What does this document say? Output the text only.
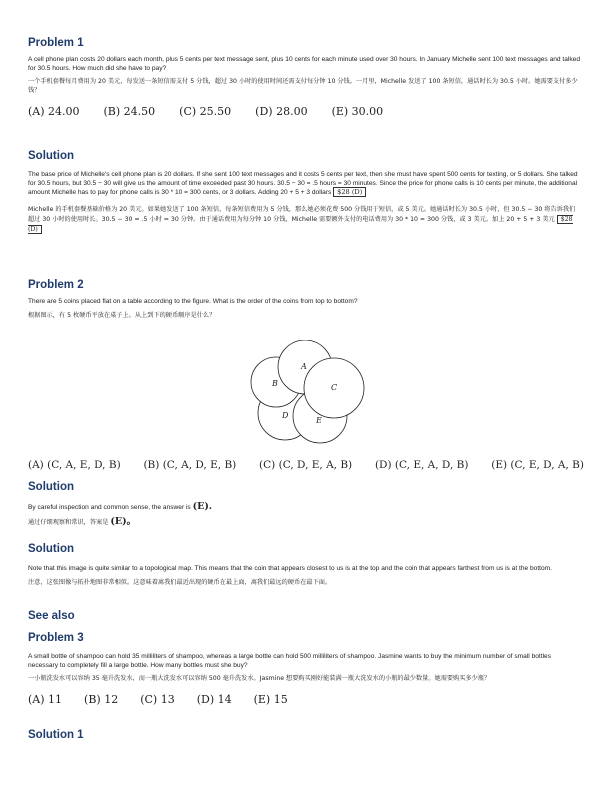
Problem 1

A cell phone plan costs 20 dollars each month, plus 5 cents per text message sent, plus 10 cents for each minute used over 30 hours. In January Michelle sent 100 text messages and talked for 30.5 hours. How much did she have to pay?

一个手机套餐每月费用为 20 美元，每发送一条短信需支付 5 分钱，超过 30 小时的使用时间还需支付每分钟 10 分钱。一月里，Michelle 发送了 100 条短信，通话时长为 30.5 小时。她需要支付多少钱？

(A) 24.00 (B) 24.50 (C) 25.50 (D) 28.00 (E) 30.00
Solution

The base price of Michelle's cell phone plan is 20 dollars. If she sent 100 text messages and it costs 5 cents per text, then she must have spent 500 cents for texting, or 5 dollars. She talked for 30.5 hours, but 30.5 − 30 will give us the amount of time exceeded past 30 hours. 30.5 − 30 = .5 hours = 30 minutes. Since the price for phone calls is 10 cents per minute, the additional amount Michelle has to pay for phone calls is 30 * 10 = 300 cents, or 3 dollars. Adding 20 + 5 + 3 dollars $28 (D)

Michelle 的手机套餐基础价格为 20 美元。如果她发送了 100 条短信，每条短信费用为 5 分钱，那么她必须花费 500 分钱用于短信，或 5 美元。她通话时长为 30.5 小时，但 30.5 − 30 将告诉我们超过 30 小时的使用时长。30.5 − 30 = .5 小时 = 30 分钟。由于通话费用为每分钟 10 分钱，Michelle 需要额外支付的电话费用为 30 * 10 = 300 分钱，或 3 美元。加上 20 + 5 + 3 美元 $28 (D)

Problem 2

There are 5 coins placed flat on a table according to the figure. What is the order of the coins from top to bottom?

根据图示，有 5 枚硬币平放在桌子上。从上到下的硬币顺序是什么？

A
B	C
D
E
(A) (C, A, E, D, B) (B) (C, A, D, E, B) (C) (C, D, E, A, B) (D) (C, E, A, D, B) (E) (C, E, D, A, B)
Solution

By careful inspection and common sense, the answer is (E).

通过仔细观察和常识，答案是 (E)。

Solution

Note that this image is quite similar to a topological map. This means that the coin that appears closest to us is at the top and the coin that appears farthest from us is at the bottom.

注意，这张图像与拓扑地图非常相似。这意味着离我们最近出现的硬币在最上面，离我们最远的硬币在最下面。

See also
Problem 3

A small bottle of shampoo can hold 35 milliliters of shampoo, whereas a large bottle can hold 500 milliliters of shampoo. Jasmine wants to buy the minimum number of small bottles necessary to completely fill a large bottle. How many bottles must she buy?

一小瓶洗发水可以容纳 35 毫升洗发水，而一瓶大洗发水可以容纳 500 毫升洗发水。Jasmine 想要购买刚好能装满一瓶大洗发水的小瓶的最少数量。她需要购买多少瓶？

(A) 11 (B) 12 (C) 13 (D) 14 (E) 15
Solution 1
